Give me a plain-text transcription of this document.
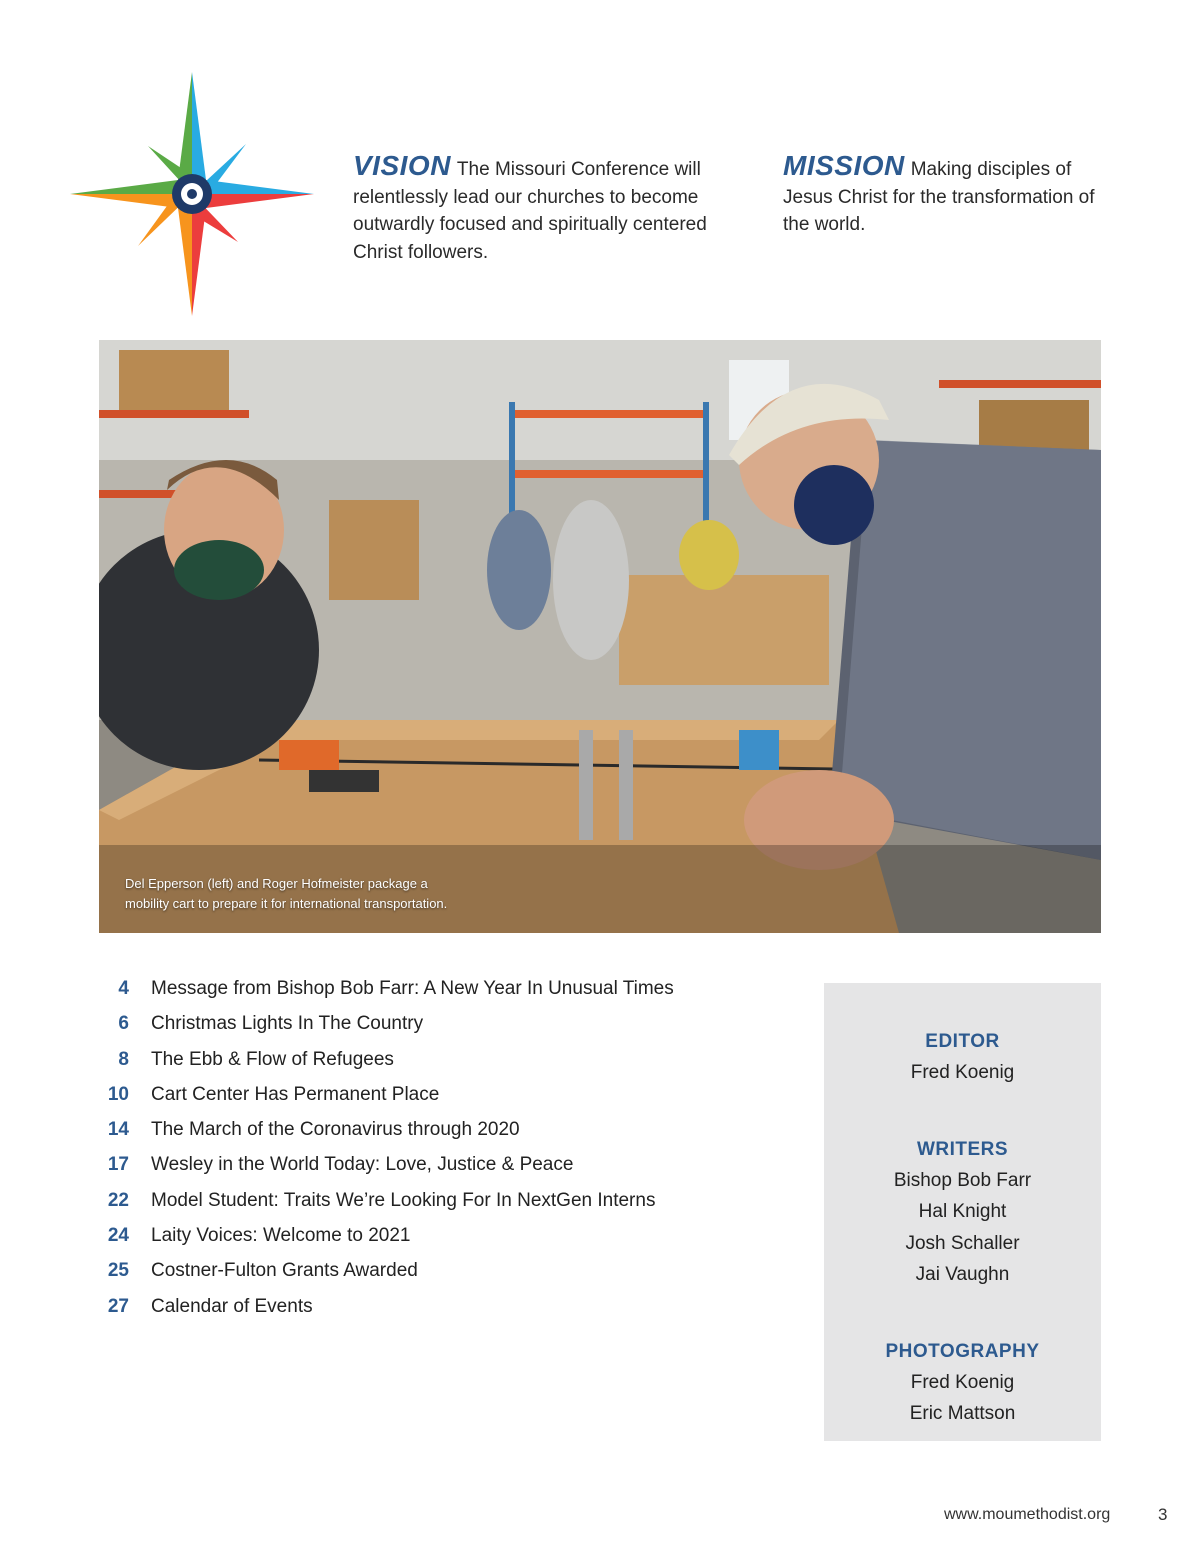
VISION The Missouri Conference will relentlessly lead our churches to become outwardly focused and spiritually centered Christ followers.
MISSION Making disciples of Jesus Christ for the transformation of the world.
Del Epperson (left) and Roger Hofmeister package a
mobility cart to prepare it for international transportation.
4 Message from Bishop Bob Farr: A New Year In Unusual Times
6 Christmas Lights In The Country
8 The Ebb & Flow of Refugees
10 Cart Center Has Permanent Place
14 The March of the Coronavirus through 2020
17 Wesley in the World Today: Love, Justice & Peace
22 Model Student: Traits We’re Looking For In NextGen Interns
24 Laity Voices: Welcome to 2021
25 Costner-Fulton Grants Awarded
27 Calendar of Events
EDITOR
Fred Koenig
WRITERS
Bishop Bob Farr
Hal Knight
Josh Schaller
Jai Vaughn
PHOTOGRAPHY
Fred Koenig
Eric Mattson
www.moumethodist.org	3
